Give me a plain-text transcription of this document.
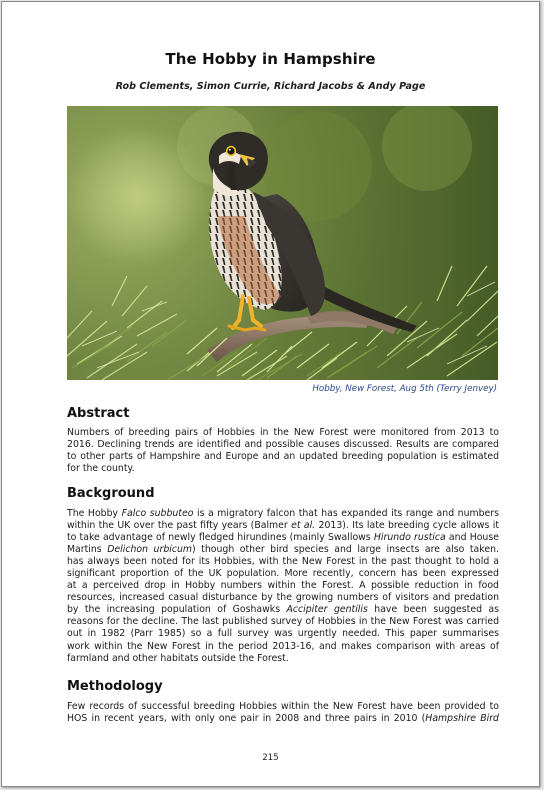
The Hobby in Hampshire
Rob Clements, Simon Currie, Richard Jacobs & Andy Page
Hobby, New Forest, Aug 5th (Terry Jenvey)
Abstract
Numbers of breeding pairs of Hobbies in the New Forest were monitored from 2013 to
2016. Declining trends are identified and possible causes discussed. Results are compared
to other parts of Hampshire and Europe and an updated breeding population is estimated
for the county.
Background
The Hobby Falco subbuteo is a migratory falcon that has expanded its range and numbers
within the UK over the past fifty years (Balmer et al. 2013). Its late breeding cycle allows it
to take advantage of newly fledged hirundines (mainly Swallows Hirundo rustica and House
Martins Delichon urbicum) though other bird species and large insects are also taken.
has always been noted for its Hobbies, with the New Forest in the past thought to hold a
significant proportion of the UK population. More recently, concern has been expressed
at a perceived drop in Hobby numbers within the Forest. A possible reduction in food
resources, increased casual disturbance by the growing numbers of visitors and predation
by the increasing population of Goshawks Accipiter gentilis have been suggested as
reasons for the decline. The last published survey of Hobbies in the New Forest was carried
out in 1982 (Parr 1985) so a full survey was urgently needed. This paper summarises
work within the New Forest in the period 2013-16, and makes comparison with areas of
farmland and other habitats outside the Forest.
Methodology
Few records of successful breeding Hobbies within the New Forest have been provided to
HOS in recent years, with only one pair in 2008 and three pairs in 2010 (Hampshire Bird
215
